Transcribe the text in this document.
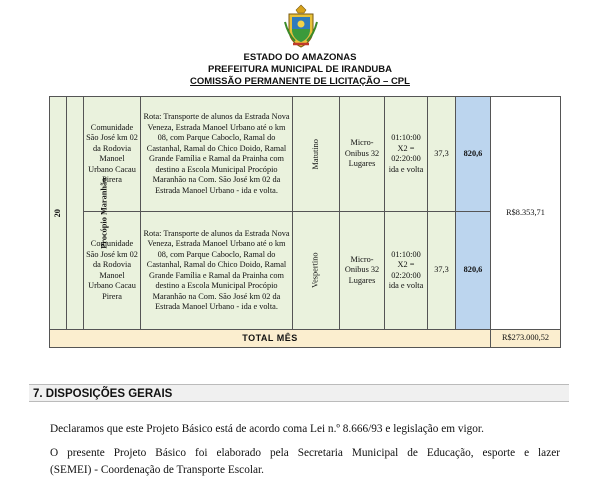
ESTADO DO AMAZONAS
PREFEITURA MUNICIPAL DE IRANDUBA
COMISSÃO PERMANENTE DE LICITAÇÃO – CPL
20	Procópio Maranhão	Comunidade São José km 02 da Rodovia Manoel Urbano Cacau Pirera	Rota: Transporte de alunos da Estrada Nova Veneza, Estrada Manoel Urbano até o km 08, com Parque Caboclo, Ramal do Castanhal, Ramal do Chico Doido, Ramal Grande Família e Ramal da Prainha com destino a Escola Municipal Procópio Maranhão na Com. São José km 02 da Estrada Manoel Urbano - ida e volta.	Matutino	Micro-Onibus 32 Lugares	01:10:00 X2 = 02:20:00 ida e volta	37,3	820,6	R$8.353,71
		Comunidade São José km 02 da Rodovia Manoel Urbano Cacau Pirera	Rota: Transporte de alunos da Estrada Nova Veneza, Estrada Manoel Urbano até o km 08, com Parque Caboclo, Ramal do Castanhal, Ramal do Chico Doido, Ramal Grande Família e Ramal da Prainha com destino a Escola Municipal Procópio Maranhão na Com. São José km 02 da Estrada Manoel Urbano - ida e volta.	Vespertino	Micro-Onibus 32 Lugares	01:10:00 X2 = 02:20:00 ida e volta	37,3	820,6	
TOTAL MÊS									R$273.000,52
7. DISPOSIÇÕES GERAIS
Declaramos que este Projeto Básico está de acordo coma Lei n.º 8.666/93 e legislação em vigor.
O presente Projeto Básico foi elaborado pela Secretaria Municipal de Educação, esporte e lazer
(SEMEI) - Coordenação de Transporte Escolar.
